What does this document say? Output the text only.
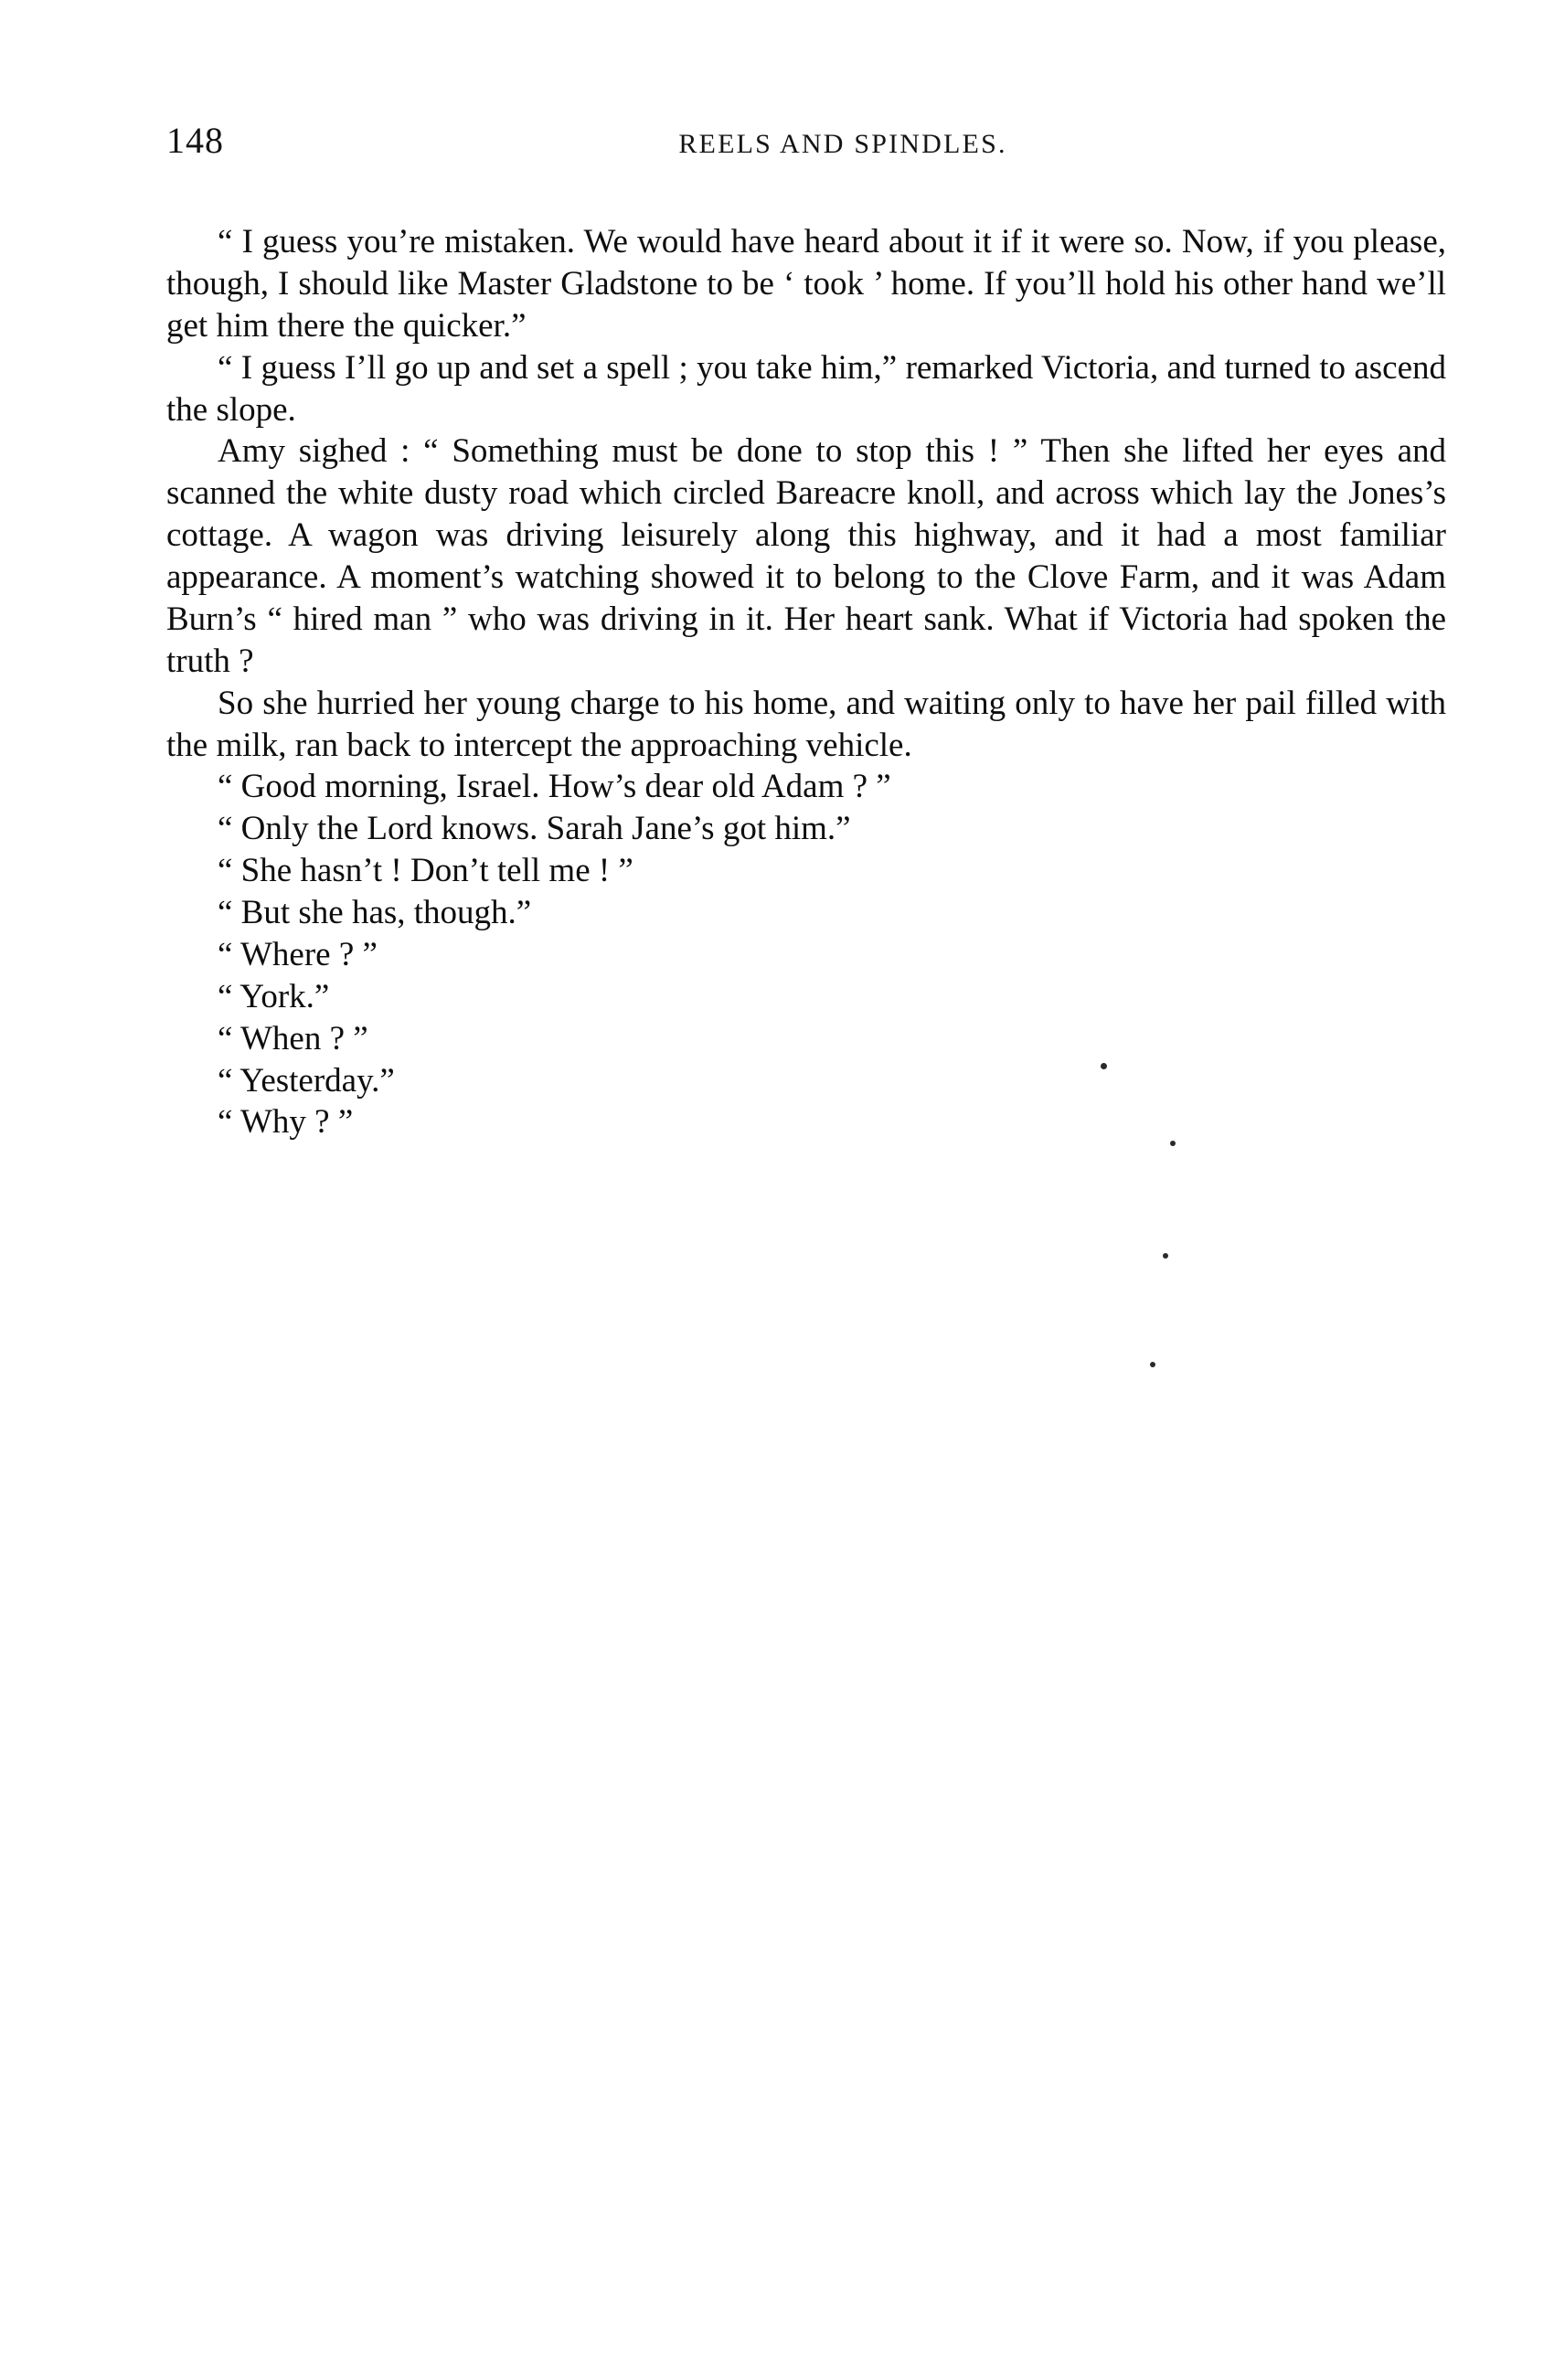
148	REELS AND SPINDLES.

“ I guess you’re mistaken. We would have heard about it if it were so. Now, if you please, though, I should like Master Gladstone to be ‘ took ’ home. If you’ll hold his other hand we’ll get him there the quicker.”

“ I guess I’ll go up and set a spell ; you take him,” remarked Victoria, and turned to ascend the slope.

Amy sighed : “ Something must be done to stop this ! ” Then she lifted her eyes and scanned the white dusty road which circled Bareacre knoll, and across which lay the Jones’s cottage. A wagon was driving leisurely along this highway, and it had a most familiar appearance. A moment’s watching showed it to belong to the Clove Farm, and it was Adam Burn’s “ hired man ” who was driving in it. Her heart sank. What if Victoria had spoken the truth ?

So she hurried her young charge to his home, and waiting only to have her pail filled with the milk, ran back to intercept the approaching vehicle.

“ Good morning, Israel. How’s dear old Adam ? ”

“ Only the Lord knows. Sarah Jane’s got him.”

“ She hasn’t ! Don’t tell me ! ”

“ But she has, though.”

“ Where ? ”

“ York.”

“ When ? ”

“ Yesterday.”

“ Why ? ”
